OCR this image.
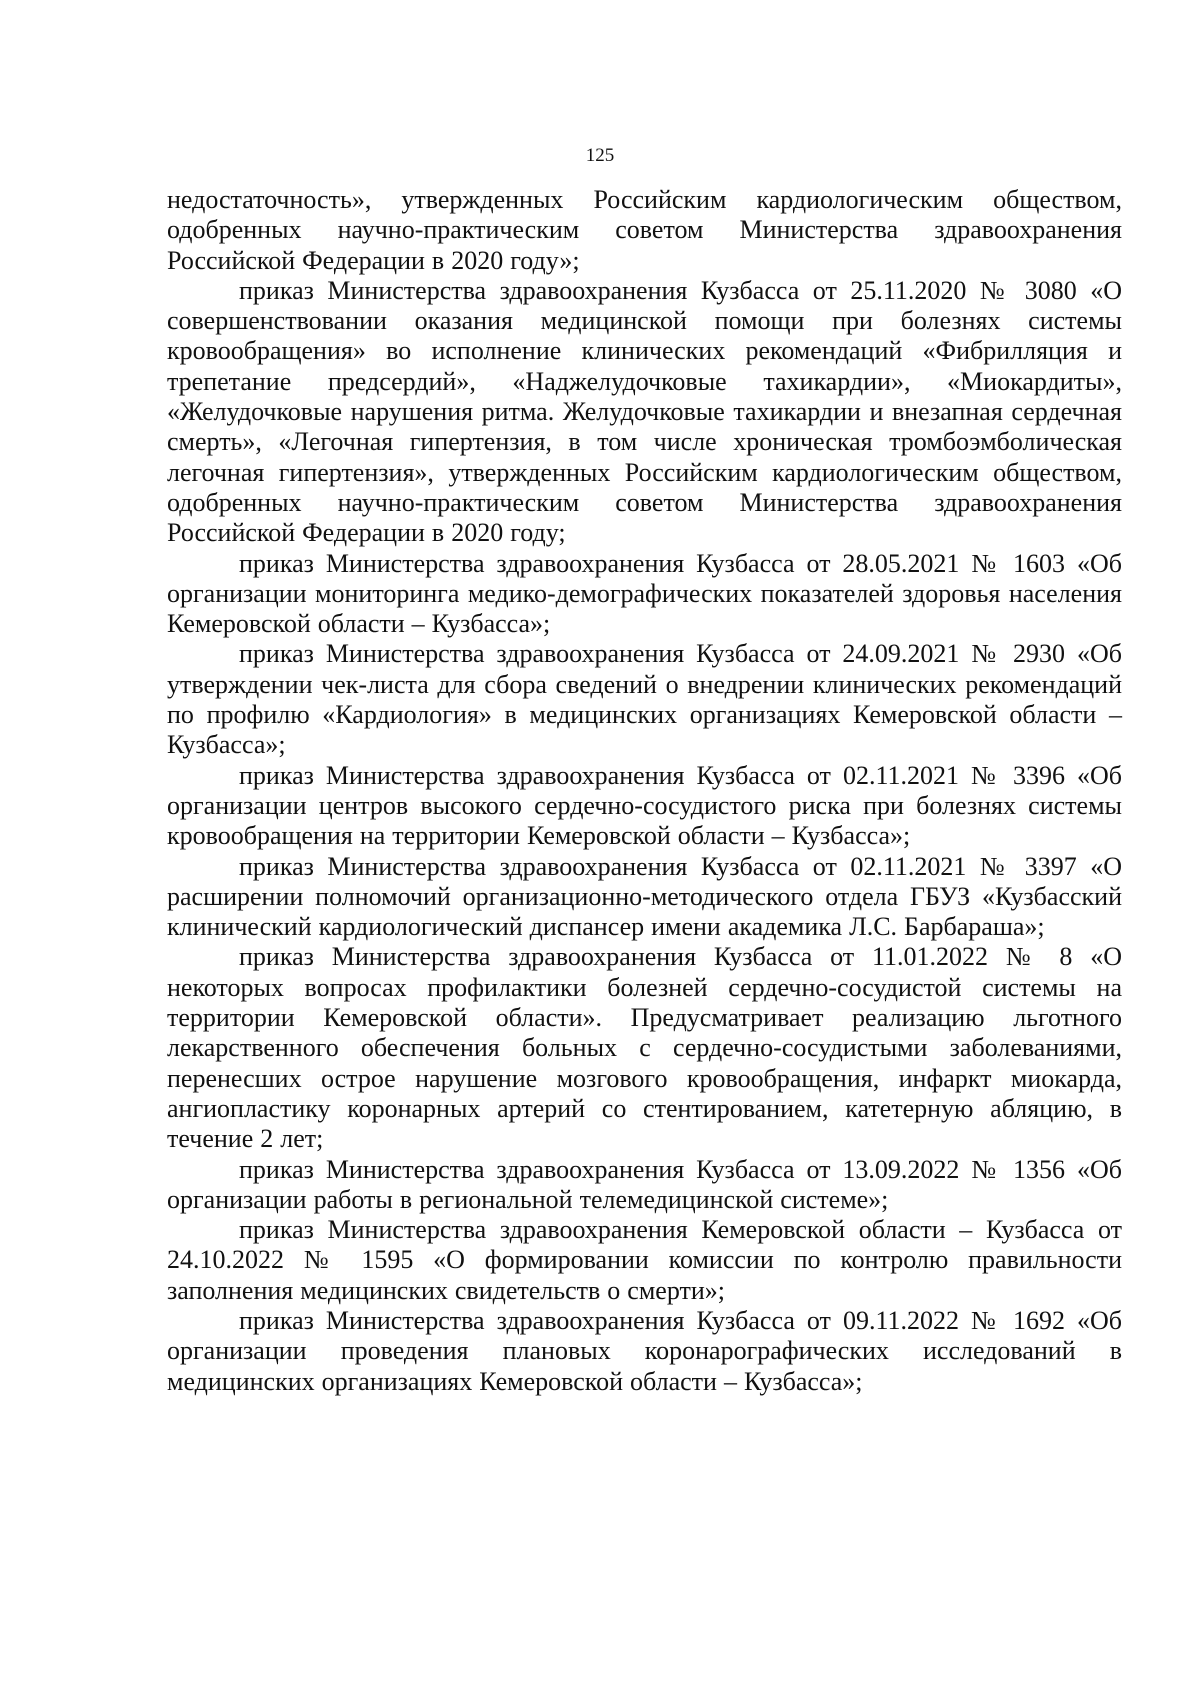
125

недостаточность», утвержденных Российским кардиологическим обществом, одобренных научно-практическим советом Министерства здравоохранения Российской Федерации в 2020 году»;

приказ Министерства здравоохранения Кузбасса от 25.11.2020 № 3080 «О совершенствовании оказания медицинской помощи при болезнях системы кровообращения» во исполнение клинических рекомендаций «Фибрилляция и трепетание предсердий», «Наджелудочковые тахикардии», «Миокардиты», «Желудочковые нарушения ритма. Желудочковые тахикардии и внезапная сердечная смерть», «Легочная гипертензия, в том числе хроническая тромбоэмболическая легочная гипертензия», утвержденных Российским кардиологическим обществом, одобренных научно-практическим советом Министерства здравоохранения Российской Федерации в 2020 году;

приказ Министерства здравоохранения Кузбасса от 28.05.2021 № 1603 «Об организации мониторинга медико-демографических показателей здоровья населения Кемеровской области – Кузбасса»;

приказ Министерства здравоохранения Кузбасса от 24.09.2021 № 2930 «Об утверждении чек-листа для сбора сведений о внедрении клинических рекомендаций по профилю «Кардиология» в медицинских организациях Кемеровской области – Кузбасса»;

приказ Министерства здравоохранения Кузбасса от 02.11.2021 № 3396 «Об организации центров высокого сердечно-сосудистого риска при болезнях системы кровообращения на территории Кемеровской области – Кузбасса»;

приказ Министерства здравоохранения Кузбасса от 02.11.2021 № 3397 «О расширении полномочий организационно-методического отдела ГБУЗ «Кузбасский клинический кардиологический диспансер имени академика Л.С. Барбараша»;

приказ Министерства здравоохранения Кузбасса от 11.01.2022 № 8 «О некоторых вопросах профилактики болезней сердечно-сосудистой системы на территории Кемеровской области». Предусматривает реализацию льготного лекарственного обеспечения больных с сердечно-сосудистыми заболеваниями, перенесших острое нарушение мозгового кровообращения, инфаркт миокарда, ангиопластику коронарных артерий со стентированием, катетерную абляцию, в течение 2 лет;

приказ Министерства здравоохранения Кузбасса от 13.09.2022 № 1356 «Об организации работы в региональной телемедицинской системе»;

приказ Министерства здравоохранения Кемеровской области – Кузбасса от 24.10.2022 № 1595 «О формировании комиссии по контролю правильности заполнения медицинских свидетельств о смерти»;

приказ Министерства здравоохранения Кузбасса от 09.11.2022 № 1692 «Об организации проведения плановых коронарографических исследований в медицинских организациях Кемеровской области – Кузбасса»;
